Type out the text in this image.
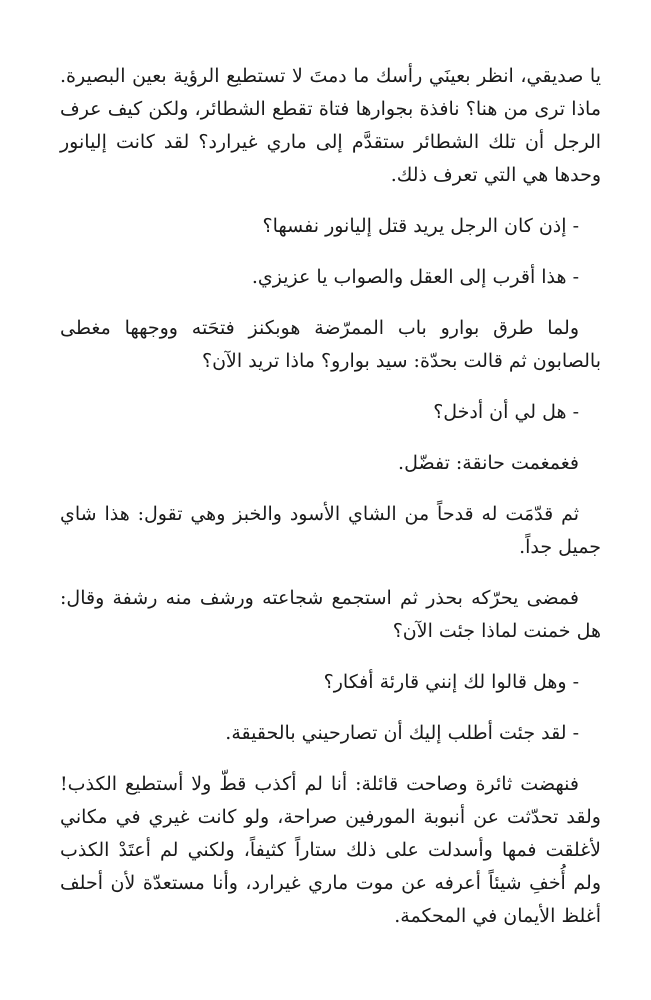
يا صديقي، انظر بعينَي رأسك ما دمتَ لا تستطيع الرؤية بعين البصيرة. ماذا ترى من هنا؟ نافذة بجوارها فتاة تقطع الشطائر، ولكن كيف عرف الرجل أن تلك الشطائر ستقدَّم إلى ماري غيرارد؟ لقد كانت إليانور وحدها هي التي تعرف ذلك.

- إذن كان الرجل يريد قتل إليانور نفسها؟

- هذا أقرب إلى العقل والصواب يا عزيزي.

ولما طرق بوارو باب الممرّضة هوبكنز فتحَته ووجهها مغطى بالصابون ثم قالت بحدّة: سيد بوارو؟ ماذا تريد الآن؟

- هل لي أن أدخل؟

فغمغمت حانقة: تفضّل.

ثم قدّمَت له قدحاً من الشاي الأسود والخبز وهي تقول: هذا شاي جميل جداً.

فمضى يحرّكه بحذر ثم استجمع شجاعته ورشف منه رشفة وقال: هل خمنت لماذا جئت الآن؟

- وهل قالوا لك إنني قارئة أفكار؟

- لقد جئت أطلب إليك أن تصارحيني بالحقيقة.

فنهضت ثائرة وصاحت قائلة: أنا لم أكذب قطّ ولا أستطيع الكذب! ولقد تحدّثت عن أنبوبة المورفين صراحة، ولو كانت غيري في مكاني لأغلقت فمها وأسدلت على ذلك ستاراً كثيفاً، ولكني لم أعتَدْ الكذب ولم أُخفِ شيئاً أعرفه عن موت ماري غيرارد، وأنا مستعدّة لأن أحلف أغلظ الأيمان في المحكمة.
